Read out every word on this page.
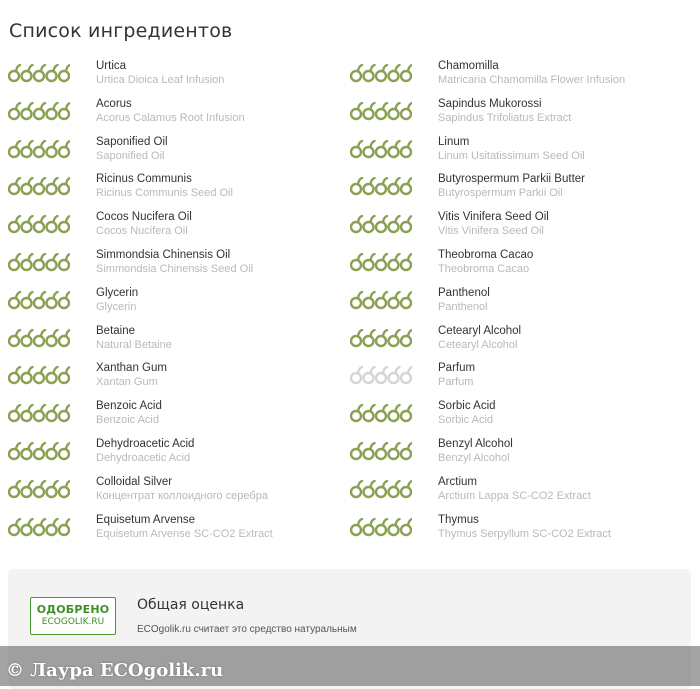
Список ингредиентов
Urtica
Urtica Dioica Leaf Infusion
Chamomilla
Matricaria Chamomilla Flower Infusion
Acorus
Acorus Calamus Root Infusion
Sapindus Mukorossi
Sapindus Trifoliatus Extract
Saponified Oil
Saponified Oil
Linum
Linum Usitatissimum Seed Oil
Ricinus Communis
Ricinus Communis Seed Oil
Butyrospermum Parkii Butter
Butyrospermum Parkii Oil
Cocos Nucifera Oil
Cocos Nucifera Oil
Vitis Vinifera Seed Oil
Vitis Vinifera Seed Oil
Simmondsia Chinensis Oil
Simmondsia Chinensis Seed Oil
Theobroma Cacao
Theobroma Cacao
Glycerin
Glycerin
Panthenol
Panthenol
Betaine
Natural Betaine
Cetearyl Alcohol
Cetearyl Alcohol
Xanthan Gum
Xantan Gum
Parfum
Parfum
Benzoic Acid
Benzoic Acid
Sorbic Acid
Sorbic Acid
Dehydroacetic Acid
Dehydroacetic Acid
Benzyl Alcohol
Benzyl Alcohol
Colloidal Silver
Концентрат коллоидного серебра
Arctium
Arctium Lappa SC-CO2 Extract
Equisetum Arvense
Equisetum Arvense SC-CO2 Extract
Thymus
Thymus Serpyllum SC-CO2 Extract
ОДОБРЕНО
ECOGOLIK.RU
Общая оценка
ECOgolik.ru считает это средство натуральным
© Лаура ECOgolik.ru
